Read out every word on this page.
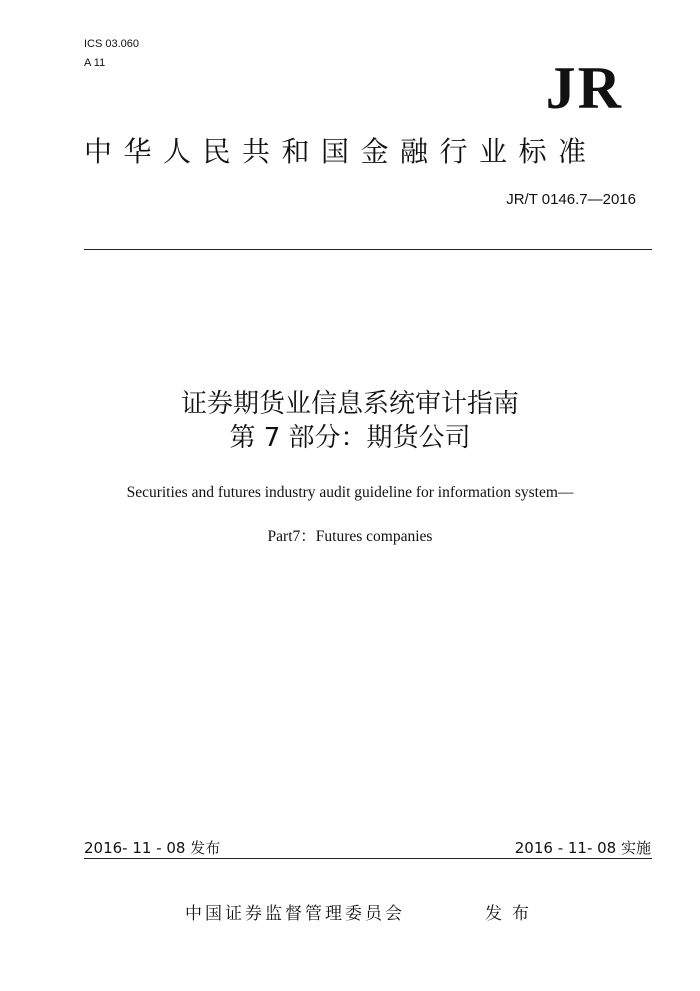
ICS 03.060
A 11	JR
中华人民共和国金融行业标准
JR/T 0146.7—2016
证券期货业信息系统审计指南
第 7 部分：期货公司
Securities and futures industry audit guideline for information system—
Part7：Futures companies
2016- 11 - 08 发布	2016 - 11- 08 实施
中国证券监督管理委员会	发布
